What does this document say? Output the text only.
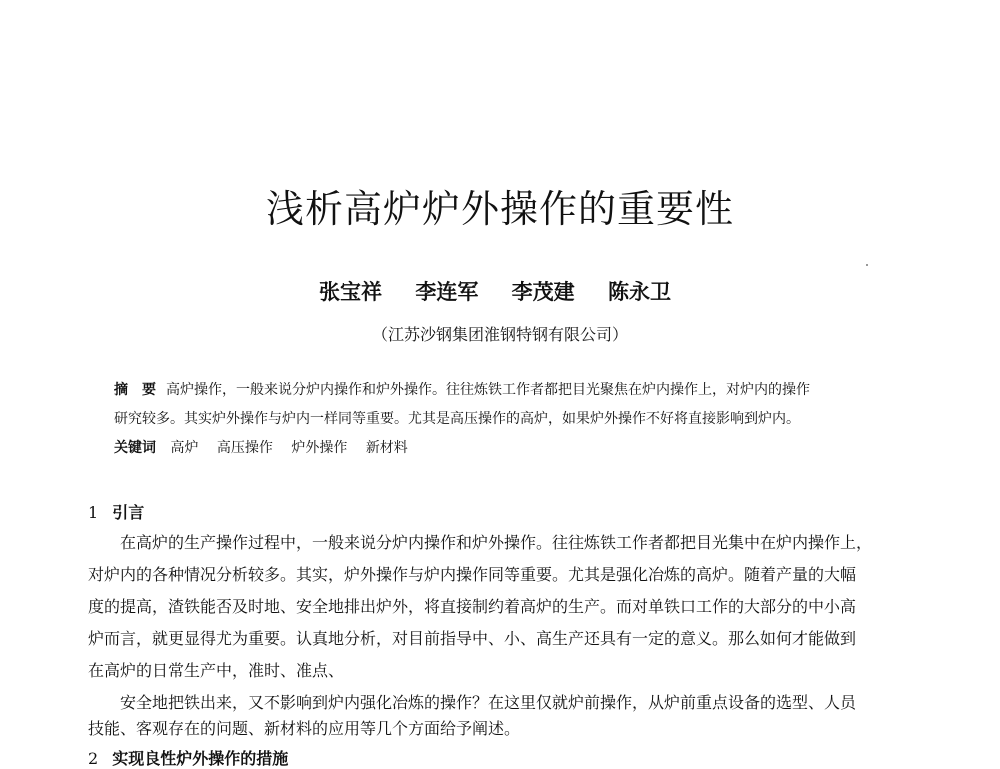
浅析高炉炉外操作的重要性
张宝祥 李连军 李茂建 陈永卫
（江苏沙钢集团淮钢特钢有限公司）
摘　要 高炉操作，一般来说分炉内操作和炉外操作。往往炼铁工作者都把目光聚焦在炉内操作上，对炉内的操作
研究较多。其实炉外操作与炉内一样同等重要。尤其是高压操作的高炉，如果炉外操作不好将直接影响到炉内。
关键词 高炉 高压操作 炉外操作 新材料
1 引言
在高炉的生产操作过程中，一般来说分炉内操作和炉外操作。往往炼铁工作者都把目光集中在炉内操作上，
对炉内的各种情况分析较多。其实，炉外操作与炉内操作同等重要。尤其是强化冶炼的高炉。随着产量的大幅
度的提高，渣铁能否及时地、安全地排出炉外，将直接制约着高炉的生产。而对单铁口工作的大部分的中小高
炉而言，就更显得尤为重要。认真地分析，对目前指导中、小、高生产还具有一定的意义。那么如何才能做到
在高炉的日常生产中，准时、准点、
安全地把铁出来，又不影响到炉内强化冶炼的操作？在这里仅就炉前操作，从炉前重点设备的选型、人员
技能、客观存在的问题、新材料的应用等几个方面给予阐述。
2 实现良性炉外操作的措施
